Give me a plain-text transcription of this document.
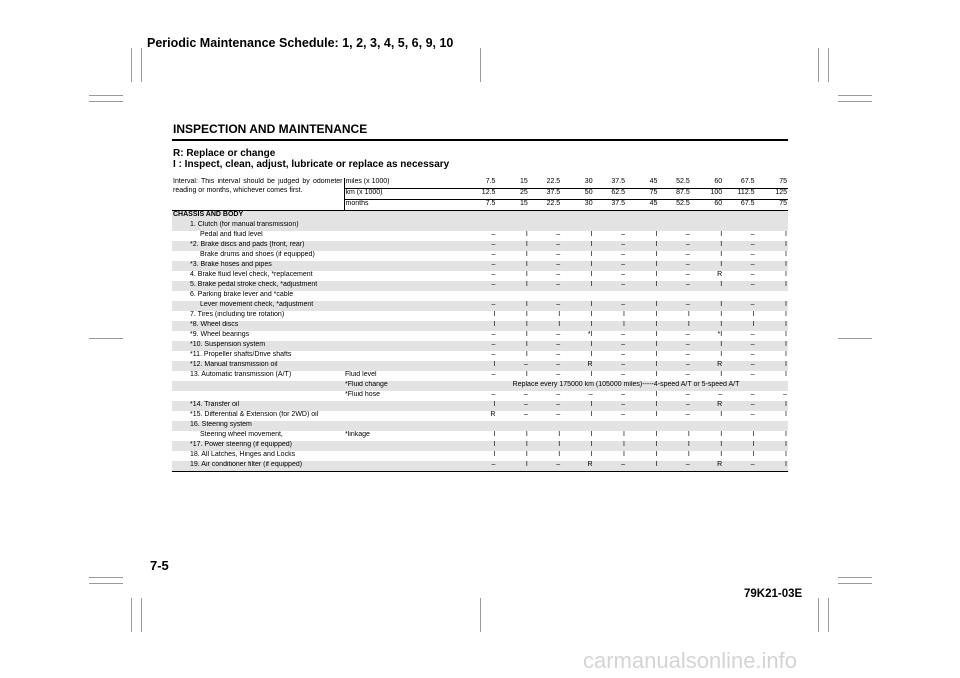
Periodic Maintenance Schedule: 1, 2, 3, 4, 5, 6, 9, 10
INSPECTION AND MAINTENANCE
R: Replace or change
I : Inspect, clean, adjust, lubricate or replace as necessary
Interval: This interval should be judged by odometer reading or months, whichever comes first.	miles (x 1000)	7.5	15	22.5	30	37.5	45	52.5	60	67.5	75
	km (x 1000)	12.5	25	37.5	50	62.5	75	87.5	100	112.5	125
	months	7.5	15	22.5	30	37.5	45	52.5	60	67.5	75
CHASSIS AND BODY											
1. Clutch (for manual transmission)											
Pedal and fluid level		–	I	–	I	–	I	–	I	–	I
*2. Brake discs and pads (front, rear)		–	I	–	I	–	I	–	I	–	I
Brake drums and shoes (if equipped)		–	I	–	I	–	I	–	I	–	I
*3. Brake hoses and pipes		–	I	–	I	–	I	–	I	–	I
4. Brake fluid level check, *replacement		–	I	–	I	–	I	–	R	–	I
5. Brake pedal stroke check, *adjustment		–	I	–	I	–	I	–	I	–	I
6. Parking brake lever and *cable											
Lever movement check, *adjustment		–	I	–	I	–	I	–	I	–	I
7. Tires (including tire rotation)		I	I	I	I	I	I	I	I	I	I
*8. Wheel discs		I	I	I	I	I	I	I	I	I	I
*9. Wheel bearings		–	I	–	*I	–	I	–	*I	–	I
*10. Suspension system		–	I	–	I	–	I	–	I	–	I
*11. Propeller shafts/Drive shafts		–	I	–	I	–	I	–	I	–	I
*12. Manual transmission oil		I	–	–	R	–	I	–	R	–	I
13. Automatic transmission (A/T)	Fluid level	–	I	–	I	–	I	–	I	–	I
	*Fluid change	Replace every 175000 km (105000 miles)-----4-speed A/T or 5-speed A/T									
	*Fluid hose	–	–	–	–	–	I	–	–	–	–
*14. Transfer oil		I	–	–	I	–	I	–	R	–	I
*15. Differential & Extension (for 2WD) oil		R	–	–	I	–	I	–	I	–	I
16. Steering system											
Steering wheel movement,	*linkage	I	I	I	I	I	I	I	I	I	I
*17. Power steering (if equipped)		I	I	I	I	I	I	I	I	I	I
18. All Latches, Hinges and Locks		I	I	I	I	I	I	I	I	I	I
19. Air conditioner filter (if equipped)		–	I	–	R	–	I	–	R	–	I
7-5
79K21-03E
carmanualsonline.info
